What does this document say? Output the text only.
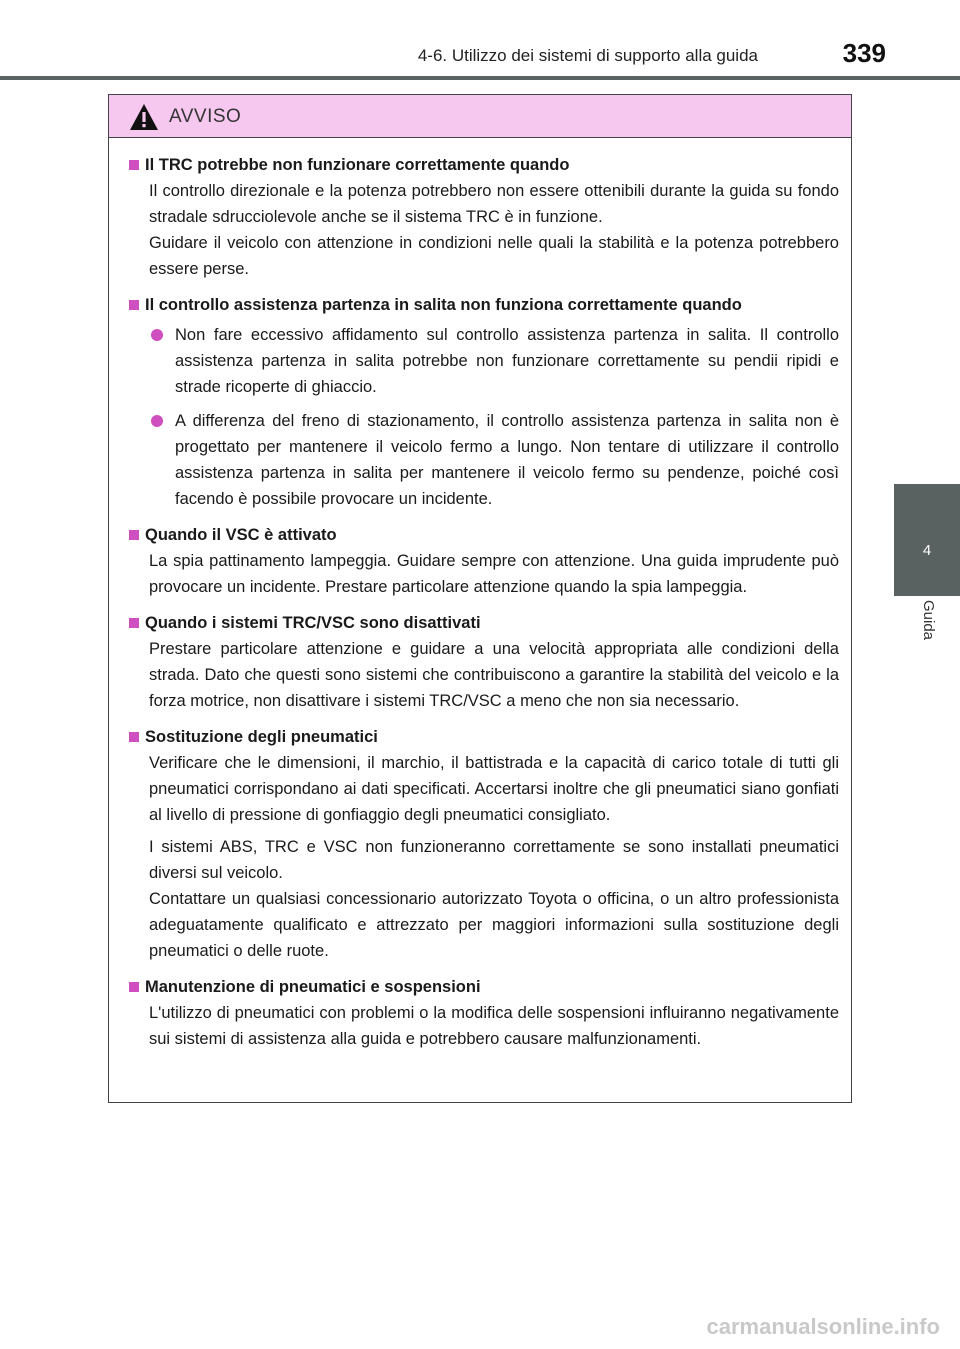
4-6. Utilizzo dei sistemi di supporto alla guida	339
4
Guida
AVVISO
Il TRC potrebbe non funzionare correttamente quando

Il controllo direzionale e la potenza potrebbero non essere ottenibili durante la guida su fondo stradale sdrucciolevole anche se il sistema TRC è in funzione.

Guidare il veicolo con attenzione in condizioni nelle quali la stabilità e la potenza potrebbero essere perse.

Il controllo assistenza partenza in salita non funziona correttamente quando
Non fare eccessivo affidamento sul controllo assistenza partenza in salita. Il controllo assistenza partenza in salita potrebbe non funzionare correttamente su pendii ripidi e strade ricoperte di ghiaccio.
A differenza del freno di stazionamento, il controllo assistenza partenza in salita non è progettato per mantenere il veicolo fermo a lungo. Non tentare di utilizzare il controllo assistenza partenza in salita per mantenere il veicolo fermo su pendenze, poiché così facendo è possibile provocare un incidente.
Quando il VSC è attivato

La spia pattinamento lampeggia. Guidare sempre con attenzione. Una guida imprudente può provocare un incidente. Prestare particolare attenzione quando la spia lampeggia.

Quando i sistemi TRC/VSC sono disattivati

Prestare particolare attenzione e guidare a una velocità appropriata alle condizioni della strada. Dato che questi sono sistemi che contribuiscono a garantire la stabilità del veicolo e la forza motrice, non disattivare i sistemi TRC/VSC a meno che non sia necessario.

Sostituzione degli pneumatici

Verificare che le dimensioni, il marchio, il battistrada e la capacità di carico totale di tutti gli pneumatici corrispondano ai dati specificati. Accertarsi inoltre che gli pneumatici siano gonfiati al livello di pressione di gonfiaggio degli pneumatici consigliato.

I sistemi ABS, TRC e VSC non funzioneranno correttamente se sono installati pneumatici diversi sul veicolo.

Contattare un qualsiasi concessionario autorizzato Toyota o officina, o un altro professionista adeguatamente qualificato e attrezzato per maggiori informazioni sulla sostituzione degli pneumatici o delle ruote.

Manutenzione di pneumatici e sospensioni

L'utilizzo di pneumatici con problemi o la modifica delle sospensioni influiranno negativamente sui sistemi di assistenza alla guida e potrebbero causare malfunzionamenti.

carmanualsonline.info
